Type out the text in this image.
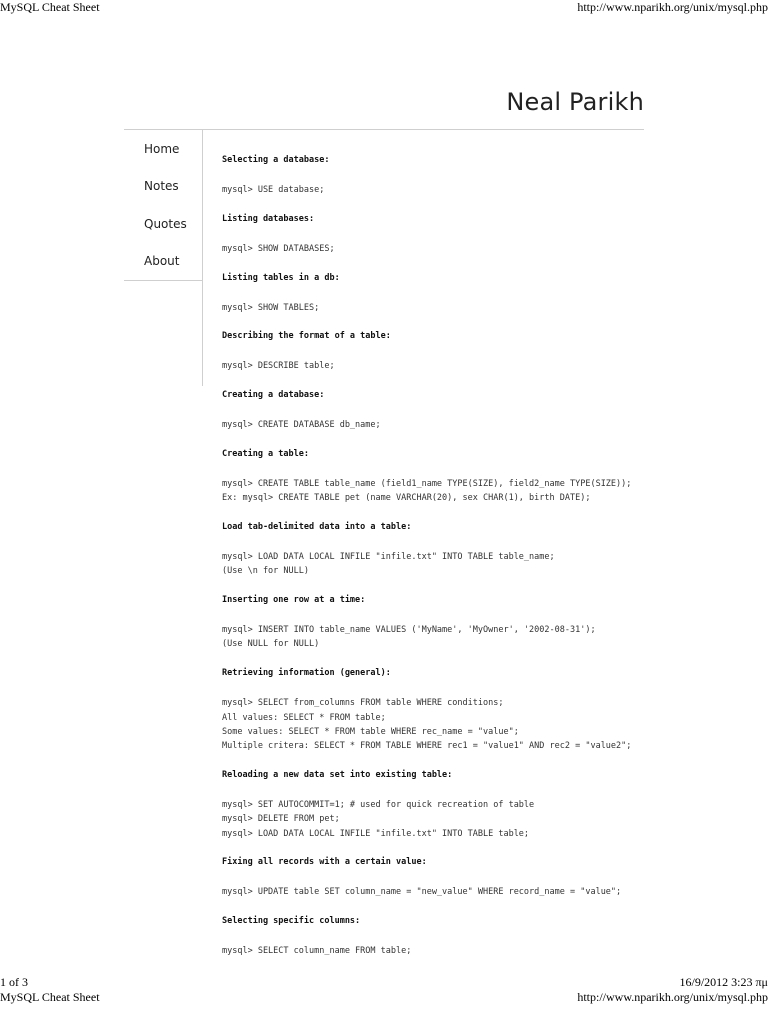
MySQL Cheat Sheet	http://www.nparikh.org/unix/mysql.php
Neal Parikh
Home
Notes
Quotes
About
Selecting a database:
mysql> USE database;
Listing databases:
mysql> SHOW DATABASES;
Listing tables in a db:
mysql> SHOW TABLES;
Describing the format of a table:
mysql> DESCRIBE table;
Creating a database:
mysql> CREATE DATABASE db_name;
Creating a table:
mysql> CREATE TABLE table_name (field1_name TYPE(SIZE), field2_name TYPE(SIZE));
Ex: mysql> CREATE TABLE pet (name VARCHAR(20), sex CHAR(1), birth DATE);
Load tab-delimited data into a table:
mysql> LOAD DATA LOCAL INFILE "infile.txt" INTO TABLE table_name;
(Use \n for NULL)
Inserting one row at a time:
mysql> INSERT INTO table_name VALUES ('MyName', 'MyOwner', '2002-08-31');
(Use NULL for NULL)
Retrieving information (general):
mysql> SELECT from_columns FROM table WHERE conditions;
All values: SELECT * FROM table;
Some values: SELECT * FROM table WHERE rec_name = "value";
Multiple critera: SELECT * FROM TABLE WHERE rec1 = "value1" AND rec2 = "value2";
Reloading a new data set into existing table:
mysql> SET AUTOCOMMIT=1; # used for quick recreation of table
mysql> DELETE FROM pet;
mysql> LOAD DATA LOCAL INFILE "infile.txt" INTO TABLE table;
Fixing all records with a certain value:
mysql> UPDATE table SET column_name = "new_value" WHERE record_name = "value";
Selecting specific columns:
mysql> SELECT column_name FROM table;
1 of 3	16/9/2012 3:23 πμ
MySQL Cheat Sheet	http://www.nparikh.org/unix/mysql.php
